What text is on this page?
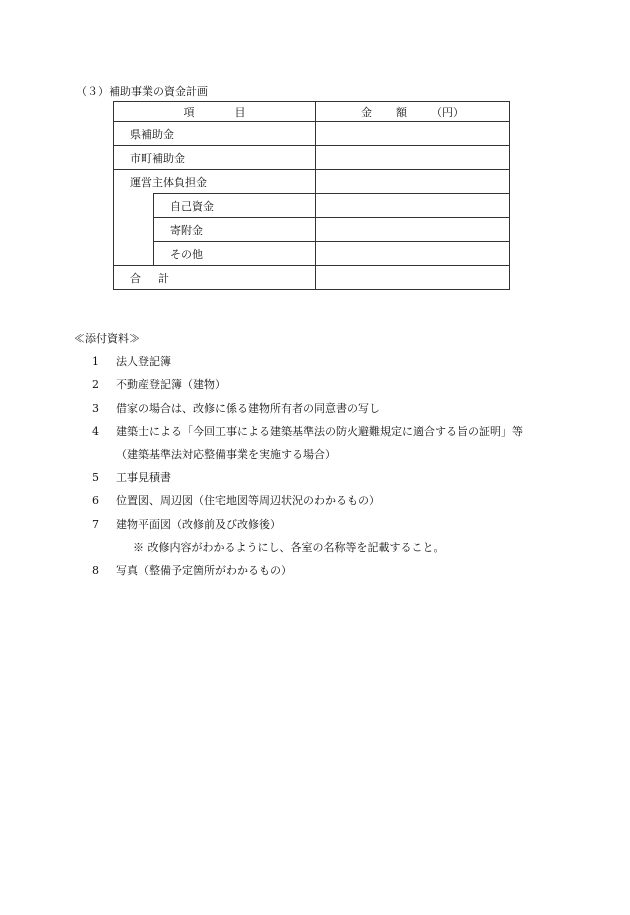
（３）補助事業の資金計画
項 目		金 額 （円）
県補助金		
市町補助金		
運営主体負担金		
	自己資金	
	寄附金	
	その他	
合 計		
≪添付資料≫
1	法人登記簿
2	不動産登記簿（建物）
3	借家の場合は、改修に係る建物所有者の同意書の写し
4	建築士による「今回工事による建築基準法の防火避難規定に適合する旨の証明」等
（建築基準法対応整備事業を実施する場合）
5	工事見積書
6	位置図、周辺図（住宅地図等周辺状況のわかるもの）
7	建物平面図（改修前及び改修後）
※ 改修内容がわかるようにし、各室の名称等を記載すること。
8	写真（整備予定箇所がわかるもの）
